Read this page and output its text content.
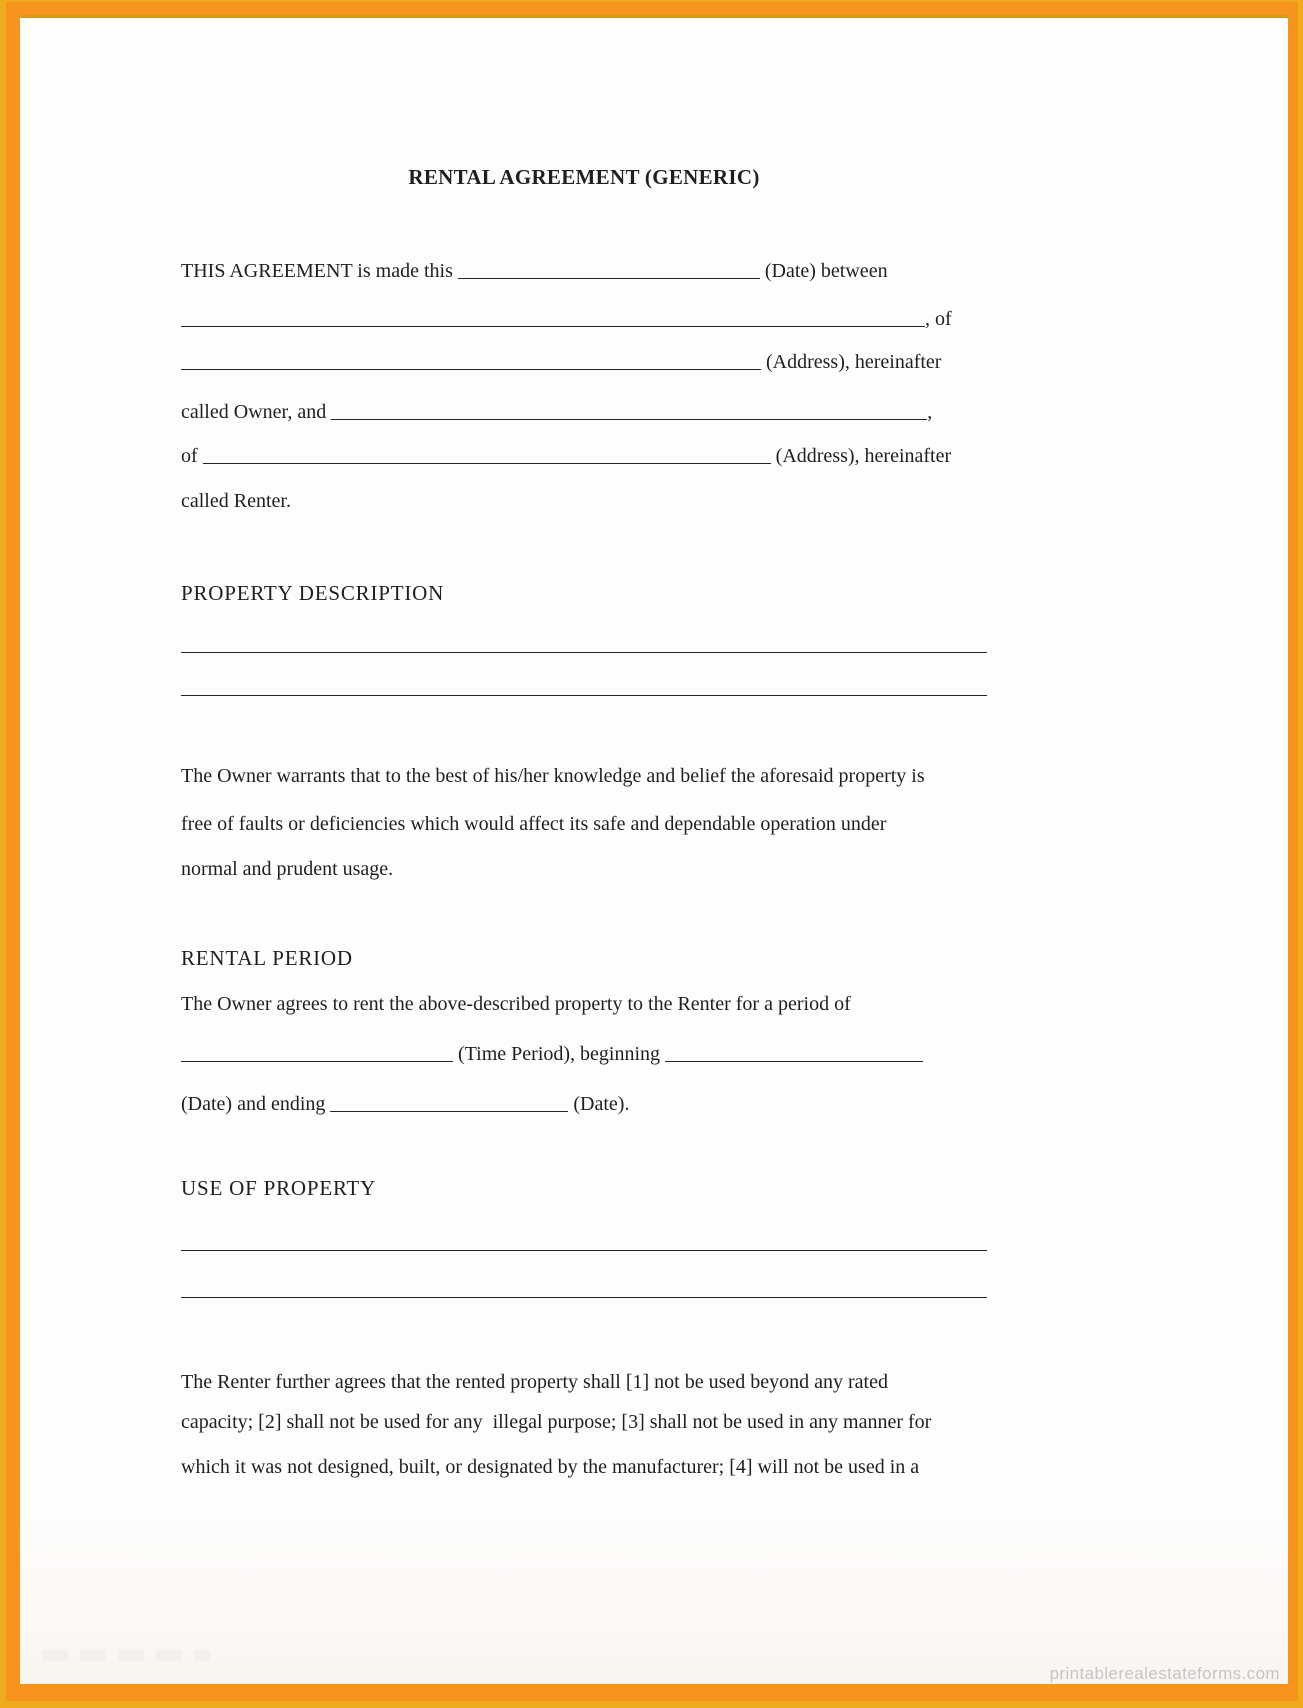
RENTAL AGREEMENT (GENERIC)
THIS AGREEMENT is made this	(Date) between
, of
(Address), hereinafter
called Owner, and	,
of	(Address), hereinafter
called Renter.
PROPERTY DESCRIPTION
The Owner warrants that to the best of his/her knowledge and belief the aforesaid property is
free of faults or deficiencies which would affect its safe and dependable operation under
normal and prudent usage.
RENTAL PERIOD
The Owner agrees to rent the above-described property to the Renter for a period of
(Time Period), beginning
(Date) and ending	(Date).
USE OF PROPERTY
The Renter further agrees that the rented property shall [1] not be used beyond any rated
capacity; [2] shall not be used for any  illegal purpose; [3] shall not be used in any manner for
which it was not designed, built, or designated by the manufacturer; [4] will not be used in a
printablerealestateforms.com
